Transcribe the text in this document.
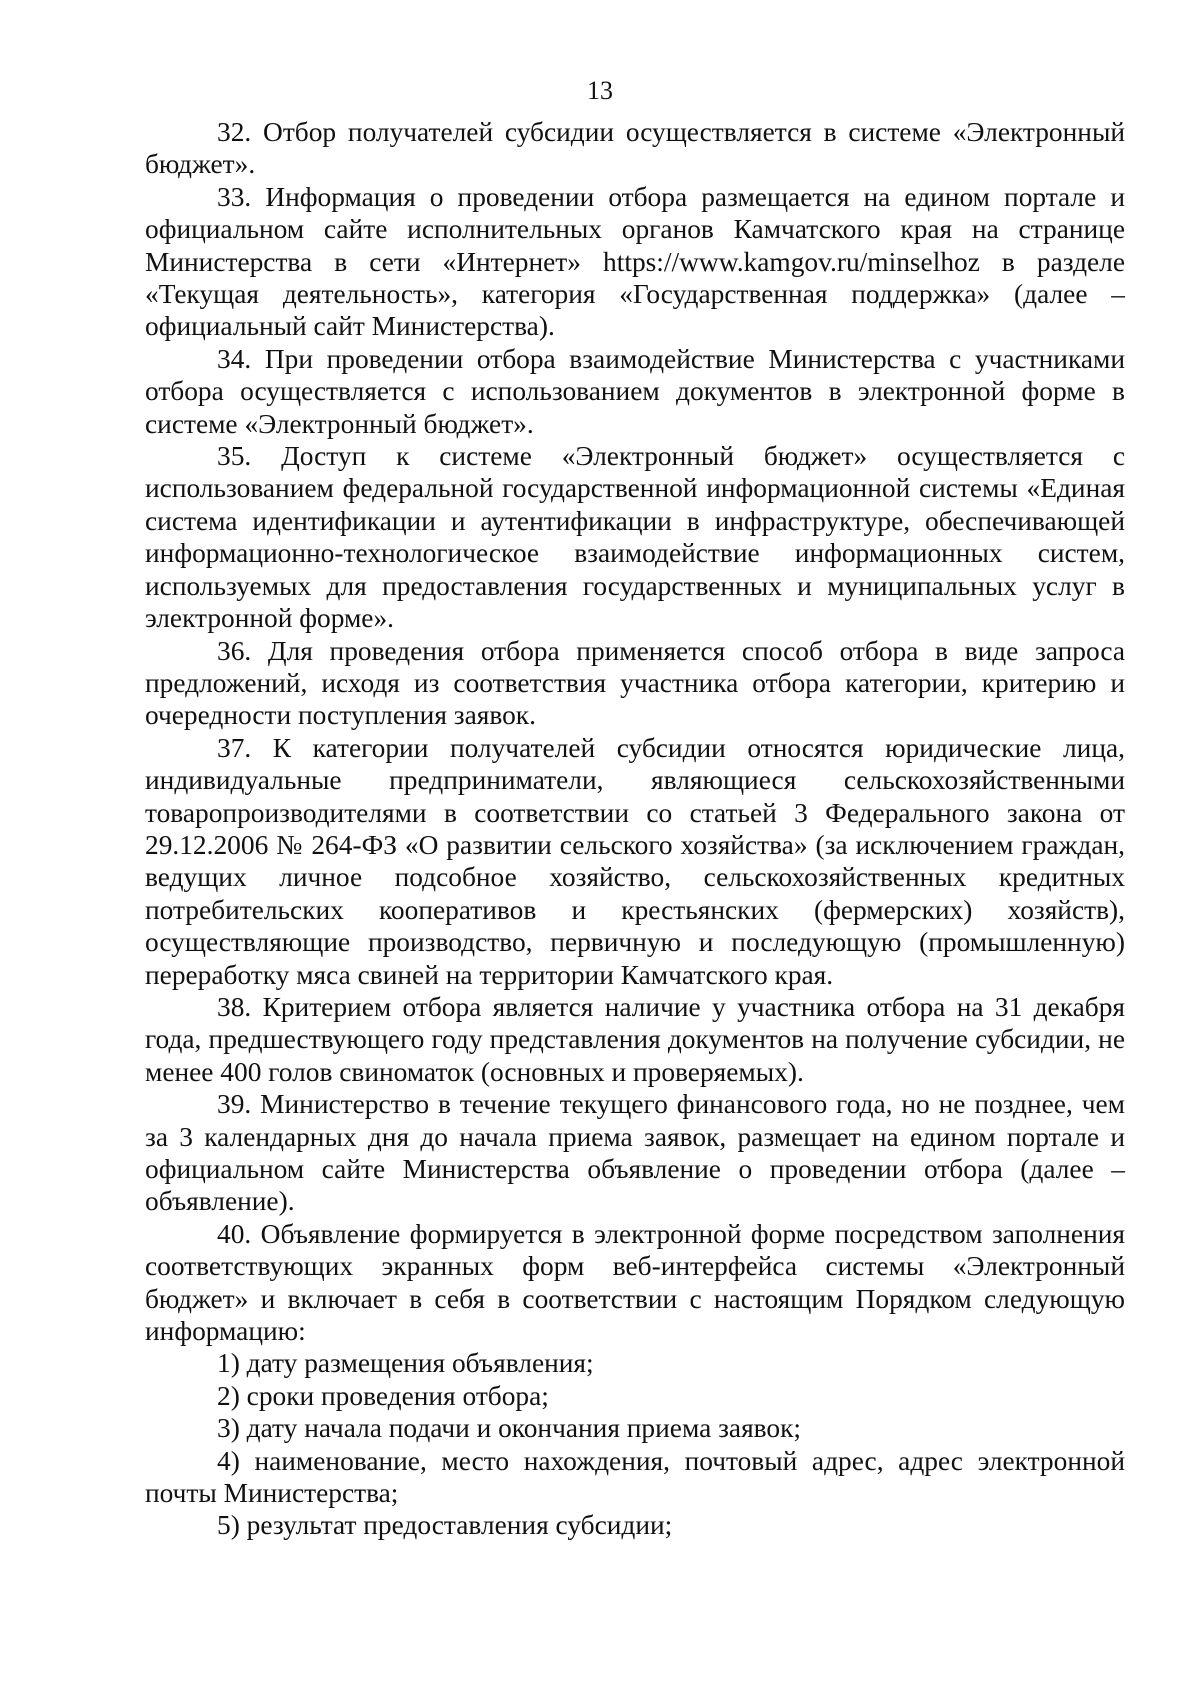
13

32. Отбор получателей субсидии осуществляется в системе «Электронный бюджет».

33. Информация о проведении отбора размещается на едином портале и официальном сайте исполнительных органов Камчатского края на странице Министерства в сети «Интернет» https://www.kamgov.ru/minselhoz в разделе «Текущая деятельность», категория «Государственная поддержка» (далее – официальный сайт Министерства).

34. При проведении отбора взаимодействие Министерства с участниками отбора осуществляется с использованием документов в электронной форме в системе «Электронный бюджет».

35. Доступ к системе «Электронный бюджет» осуществляется с использованием федеральной государственной информационной системы «Единая система идентификации и аутентификации в инфраструктуре, обеспечивающей информационно-технологическое взаимодействие информационных систем, используемых для предоставления государственных и муниципальных услуг в электронной форме».

36. Для проведения отбора применяется способ отбора в виде запроса предложений, исходя из соответствия участника отбора категории, критерию и очередности поступления заявок.

37. К категории получателей субсидии относятся юридические лица, индивидуальные предприниматели, являющиеся сельскохозяйственными товаропроизводителями в соответствии со статьей 3 Федерального закона от 29.12.2006 № 264-ФЗ «О развитии сельского хозяйства» (за исключением граждан, ведущих личное подсобное хозяйство, сельскохозяйственных кредитных потребительских кооперативов и крестьянских (фермерских) хозяйств), осуществляющие производство, первичную и последующую (промышленную) переработку мяса свиней на территории Камчатского края.

38. Критерием отбора является наличие у участника отбора на 31 декабря года, предшествующего году представления документов на получение субсидии, не менее 400 голов свиноматок (основных и проверяемых).

39. Министерство в течение текущего финансового года, но не позднее, чем за 3 календарных дня до начала приема заявок, размещает на едином портале и официальном сайте Министерства объявление о проведении отбора (далее – объявление).

40. Объявление формируется в электронной форме посредством заполнения соответствующих экранных форм веб-интерфейса системы «Электронный бюджет» и включает в себя в соответствии с настоящим Порядком следующую информацию:

1) дату размещения объявления;

2) сроки проведения отбора;

3) дату начала подачи и окончания приема заявок;

4) наименование, место нахождения, почтовый адрес, адрес электронной почты Министерства;

5) результат предоставления субсидии;
